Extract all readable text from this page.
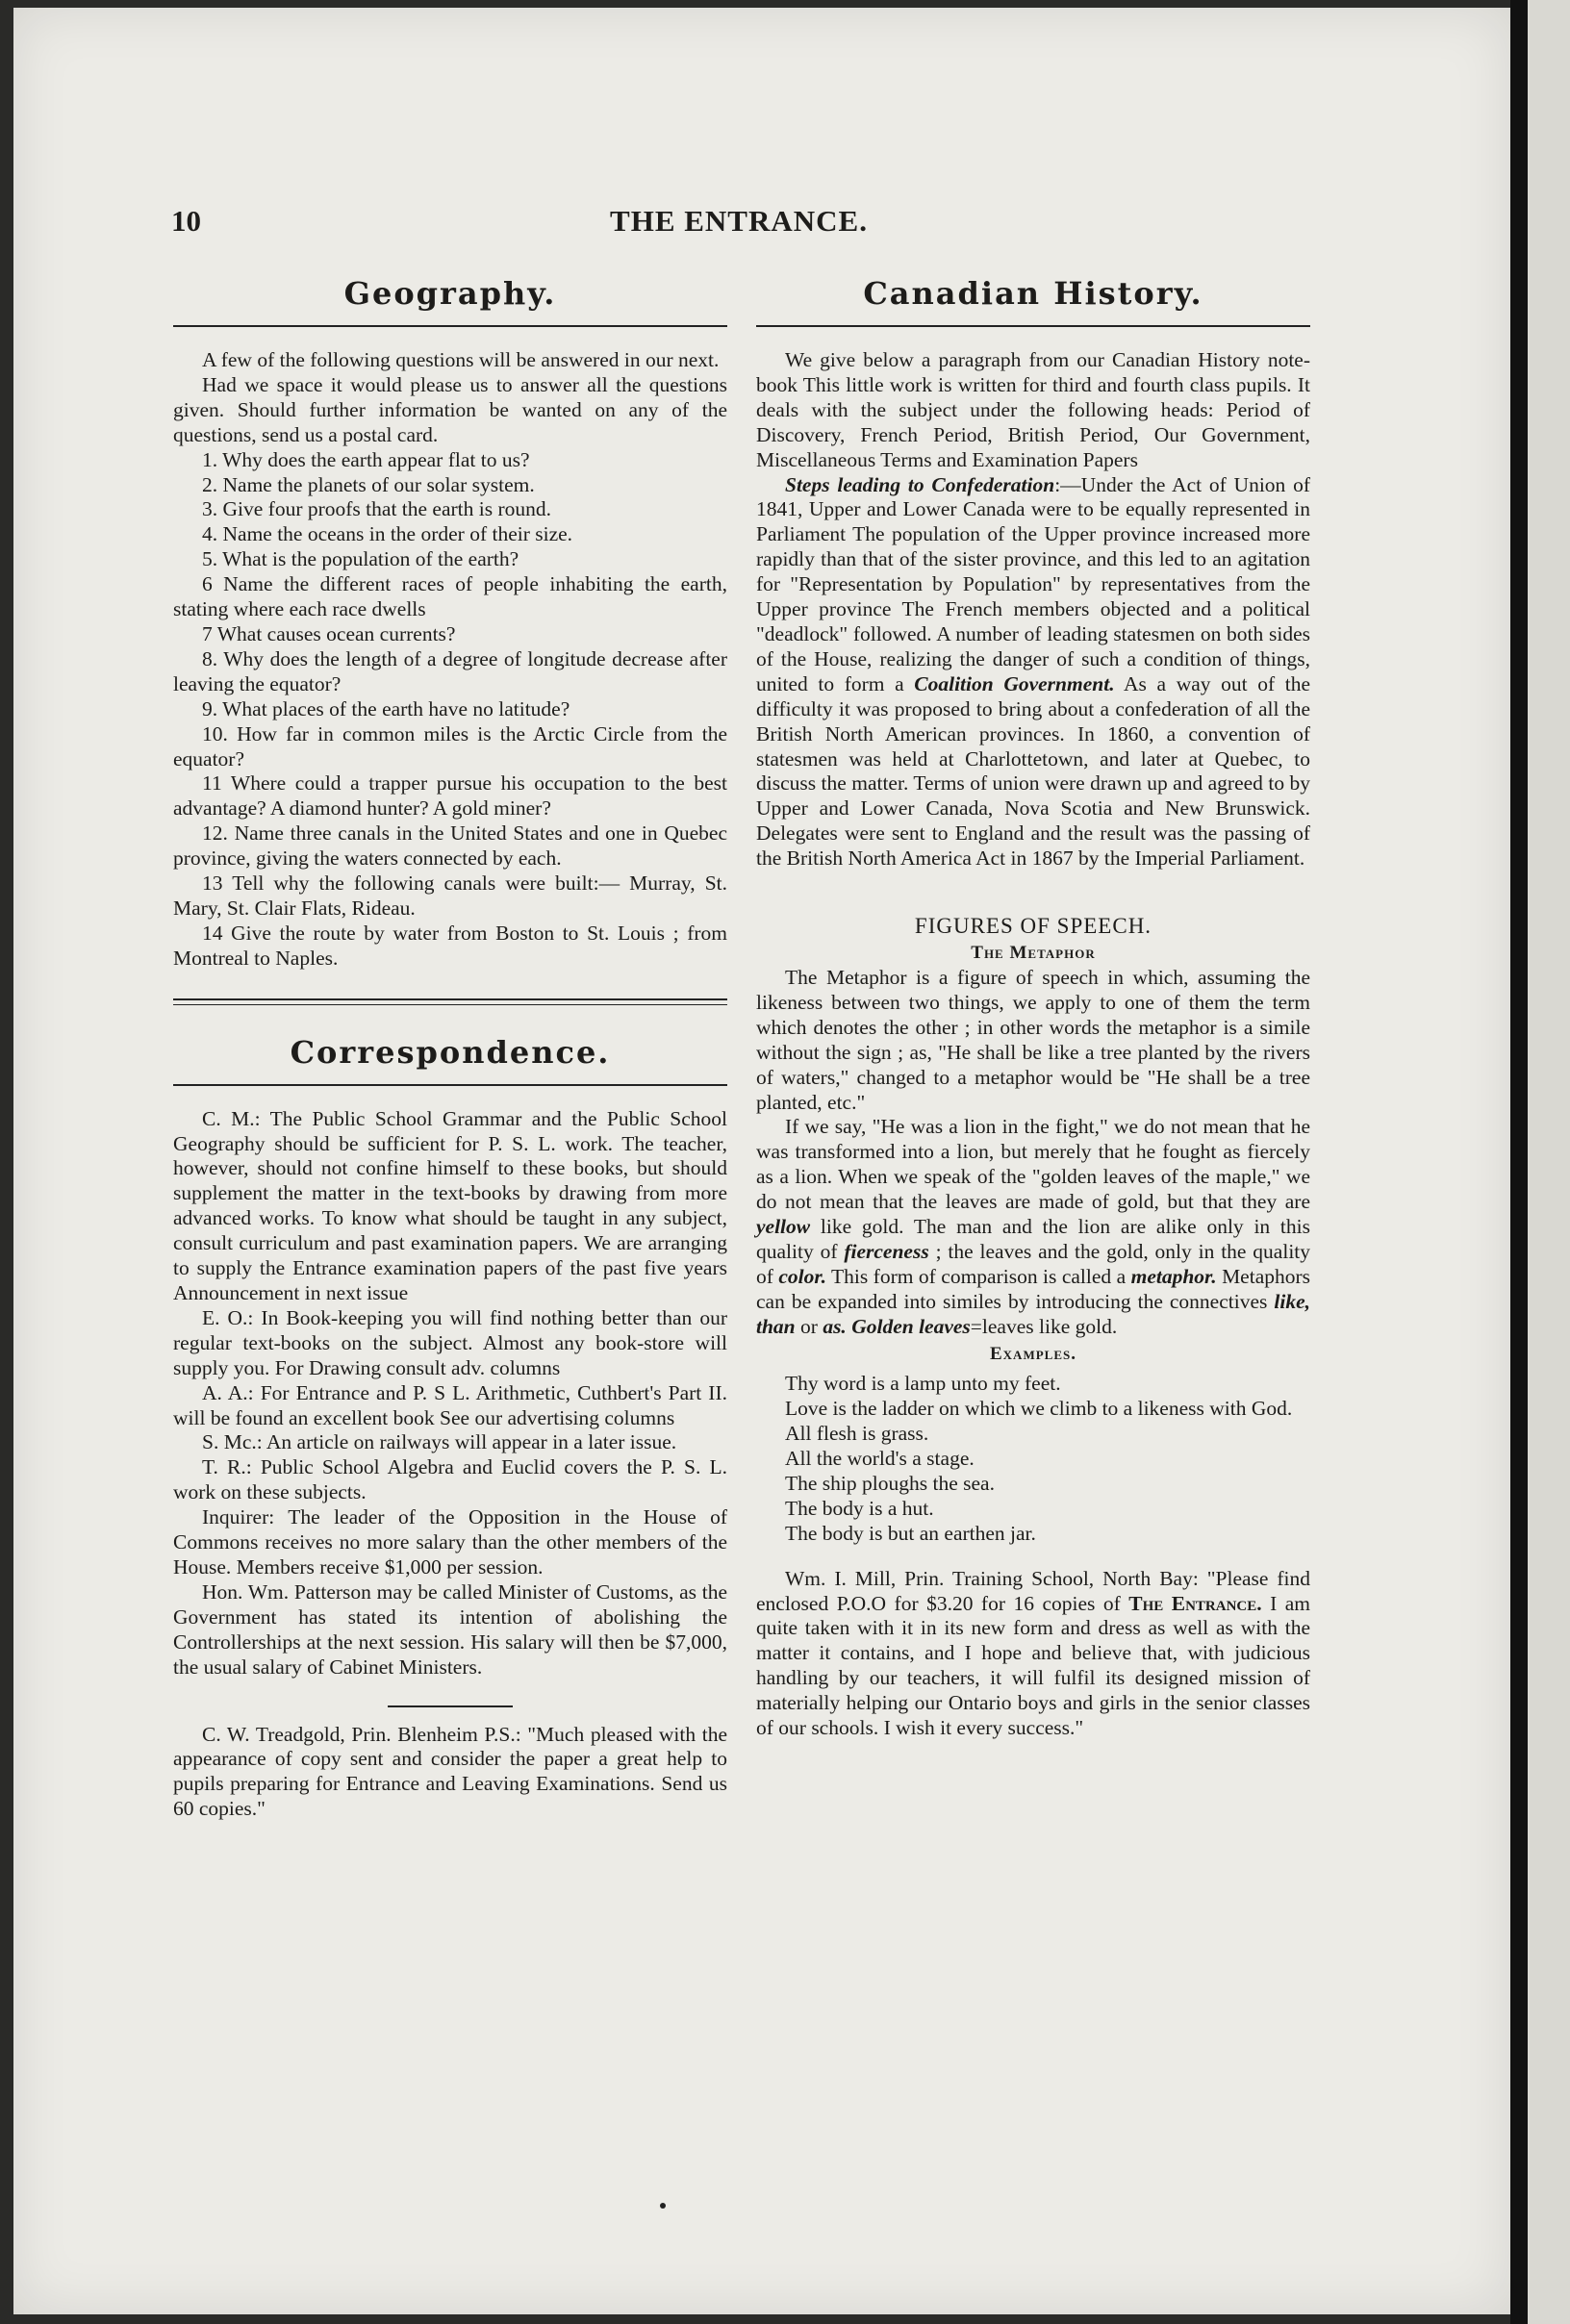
10	THE ENTRANCE.
Geography.

A few of the following questions will be answered in our next.

Had we space it would please us to answer all the questions given. Should further information be wanted on any of the questions, send us a postal card.

1. Why does the earth appear flat to us?

2. Name the planets of our solar system.

3. Give four proofs that the earth is round.

4. Name the oceans in the order of their size.

5. What is the population of the earth?

6 Name the different races of people inhabiting the earth, stating where each race dwells

7 What causes ocean currents?

8. Why does the length of a degree of longitude decrease after leaving the equator?

9. What places of the earth have no latitude?

10. How far in common miles is the Arctic Circle from the equator?

11 Where could a trapper pursue his occupation to the best advantage? A diamond hunter? A gold miner?

12. Name three canals in the United States and one in Quebec province, giving the waters connected by each.

13 Tell why the following canals were built:— Murray, St. Mary, St. Clair Flats, Rideau.

14 Give the route by water from Boston to St. Louis ; from Montreal to Naples.

Correspondence.

C. M.: The Public School Grammar and the Public School Geography should be sufficient for P. S. L. work. The teacher, however, should not confine himself to these books, but should supplement the matter in the text-books by drawing from more advanced works. To know what should be taught in any subject, consult curriculum and past examination papers. We are arranging to supply the Entrance examination papers of the past five years Announcement in next issue

E. O.: In Book-keeping you will find nothing better than our regular text-books on the subject. Almost any book-store will supply you. For Drawing consult adv. columns

A. A.: For Entrance and P. S L. Arithmetic, Cuthbert's Part II. will be found an excellent book See our advertising columns

S. Mc.: An article on railways will appear in a later issue.

T. R.: Public School Algebra and Euclid covers the P. S. L. work on these subjects.

Inquirer: The leader of the Opposition in the House of Commons receives no more salary than the other members of the House. Members receive $1,000 per session.

Hon. Wm. Patterson may be called Minister of Customs, as the Government has stated its intention of abolishing the Controllerships at the next session. His salary will then be $7,000, the usual salary of Cabinet Ministers.

C. W. Treadgold, Prin. Blenheim P.S.: "Much pleased with the appearance of copy sent and consider the paper a great help to pupils preparing for Entrance and Leaving Examinations. Send us 60 copies."

Canadian History.

We give below a paragraph from our Canadian History note-book This little work is written for third and fourth class pupils. It deals with the subject under the following heads: Period of Discovery, French Period, British Period, Our Government, Miscellaneous Terms and Examination Papers

Steps leading to Confederation:—Under the Act of Union of 1841, Upper and Lower Canada were to be equally represented in Parliament The population of the Upper province increased more rapidly than that of the sister province, and this led to an agitation for "Representation by Population" by representatives from the Upper province The French members objected and a political "deadlock" followed. A number of leading statesmen on both sides of the House, realizing the danger of such a condition of things, united to form a Coalition Government. As a way out of the difficulty it was proposed to bring about a confederation of all the British North American provinces. In 1860, a convention of statesmen was held at Charlottetown, and later at Quebec, to discuss the matter. Terms of union were drawn up and agreed to by Upper and Lower Canada, Nova Scotia and New Brunswick. Delegates were sent to England and the result was the passing of the British North America Act in 1867 by the Imperial Parliament.

FIGURES OF SPEECH.
The Metaphor

The Metaphor is a figure of speech in which, assuming the likeness between two things, we apply to one of them the term which denotes the other ; in other words the metaphor is a simile without the sign ; as, "He shall be like a tree planted by the rivers of waters," changed to a metaphor would be "He shall be a tree planted, etc."

If we say, "He was a lion in the fight," we do not mean that he was transformed into a lion, but merely that he fought as fiercely as a lion. When we speak of the "golden leaves of the maple," we do not mean that the leaves are made of gold, but that they are yellow like gold. The man and the lion are alike only in this quality of fierceness ; the leaves and the gold, only in the quality of color. This form of comparison is called a metaphor. Metaphors can be expanded into similes by introducing the connectives like, than or as. Golden leaves=leaves like gold.

Examples.
Thy word is a lamp unto my feet.
Love is the ladder on which we climb to a likeness with God.
All flesh is grass.
All the world's a stage.
The ship ploughs the sea.
The body is a hut.
The body is but an earthen jar.

Wm. I. Mill, Prin. Training School, North Bay: "Please find enclosed P.O.O for $3.20 for 16 copies of The Entrance. I am quite taken with it in its new form and dress as well as with the matter it contains, and I hope and believe that, with judicious handling by our teachers, it will fulfil its designed mission of materially helping our Ontario boys and girls in the senior classes of our schools. I wish it every success."
